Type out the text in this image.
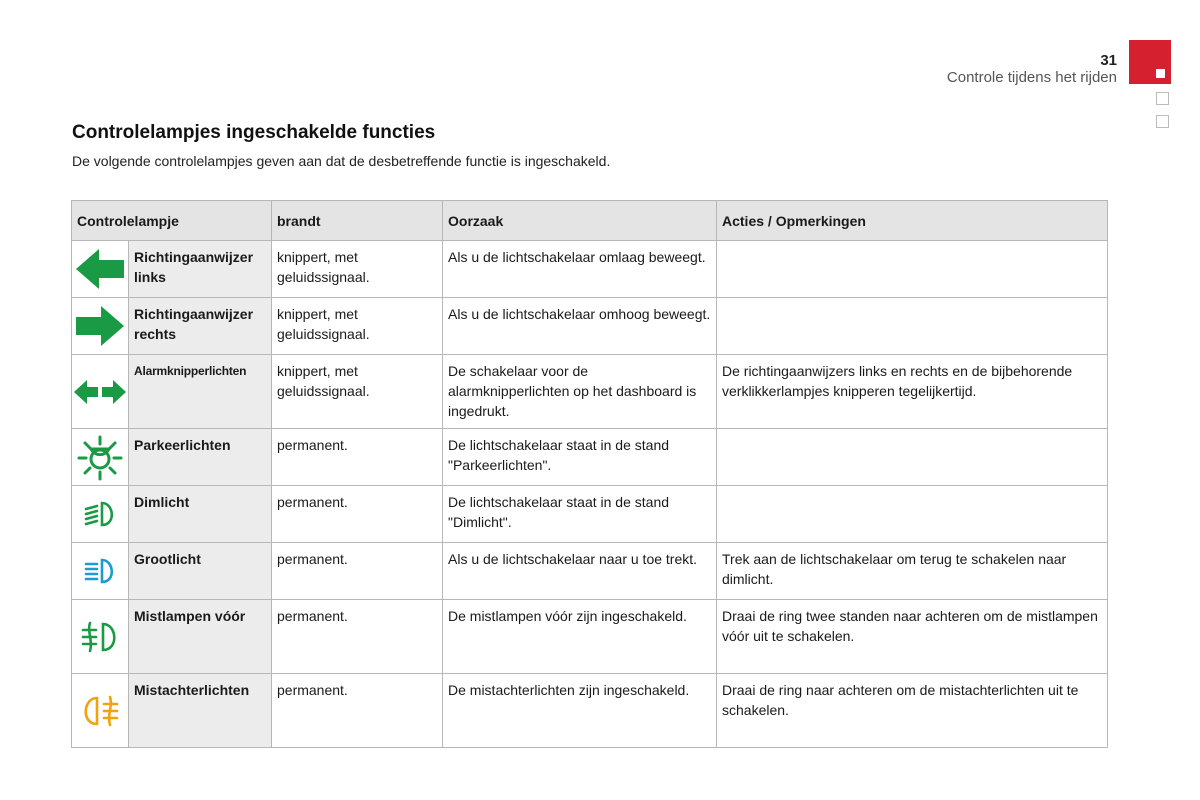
31
Controle tijdens het rijden
Controlelampjes ingeschakelde functies

De volgende controlelampjes geven aan dat de desbetreffende functie is ingeschakeld.

Controlelampje		brandt	Oorzaak	Acties / Opmerkingen

	Richtingaanwijzer links	knippert, met geluidssignaal.	Als u de lichtschakelaar omlaag beweegt.	

	Richtingaanwijzer rechts	knippert, met geluidssignaal.	Als u de lichtschakelaar omhoog beweegt.	

	Alarmknipperlichten	knippert, met geluidssignaal.	De schakelaar voor de alarmknipperlichten op het dashboard is ingedrukt.	De richtingaanwijzers links en rechts en de bijbehorende verklikkerlampjes knipperen tegelijkertijd.

	Parkeerlichten	permanent.	De lichtschakelaar staat in de stand "Parkeerlichten".	

	Dimlicht	permanent.	De lichtschakelaar staat in de stand "Dimlicht".	

	Grootlicht	permanent.	Als u de lichtschakelaar naar u toe trekt.	Trek aan de lichtschakelaar om terug te schakelen naar dimlicht.

	Mistlampen vóór	permanent.	De mistlampen vóór zijn ingeschakeld.	Draai de ring twee standen naar achteren om de mistlampen vóór uit te schakelen.

	Mistachterlichten	permanent.	De mistachterlichten zijn ingeschakeld.	Draai de ring naar achteren om de mistachterlichten uit te schakelen.
